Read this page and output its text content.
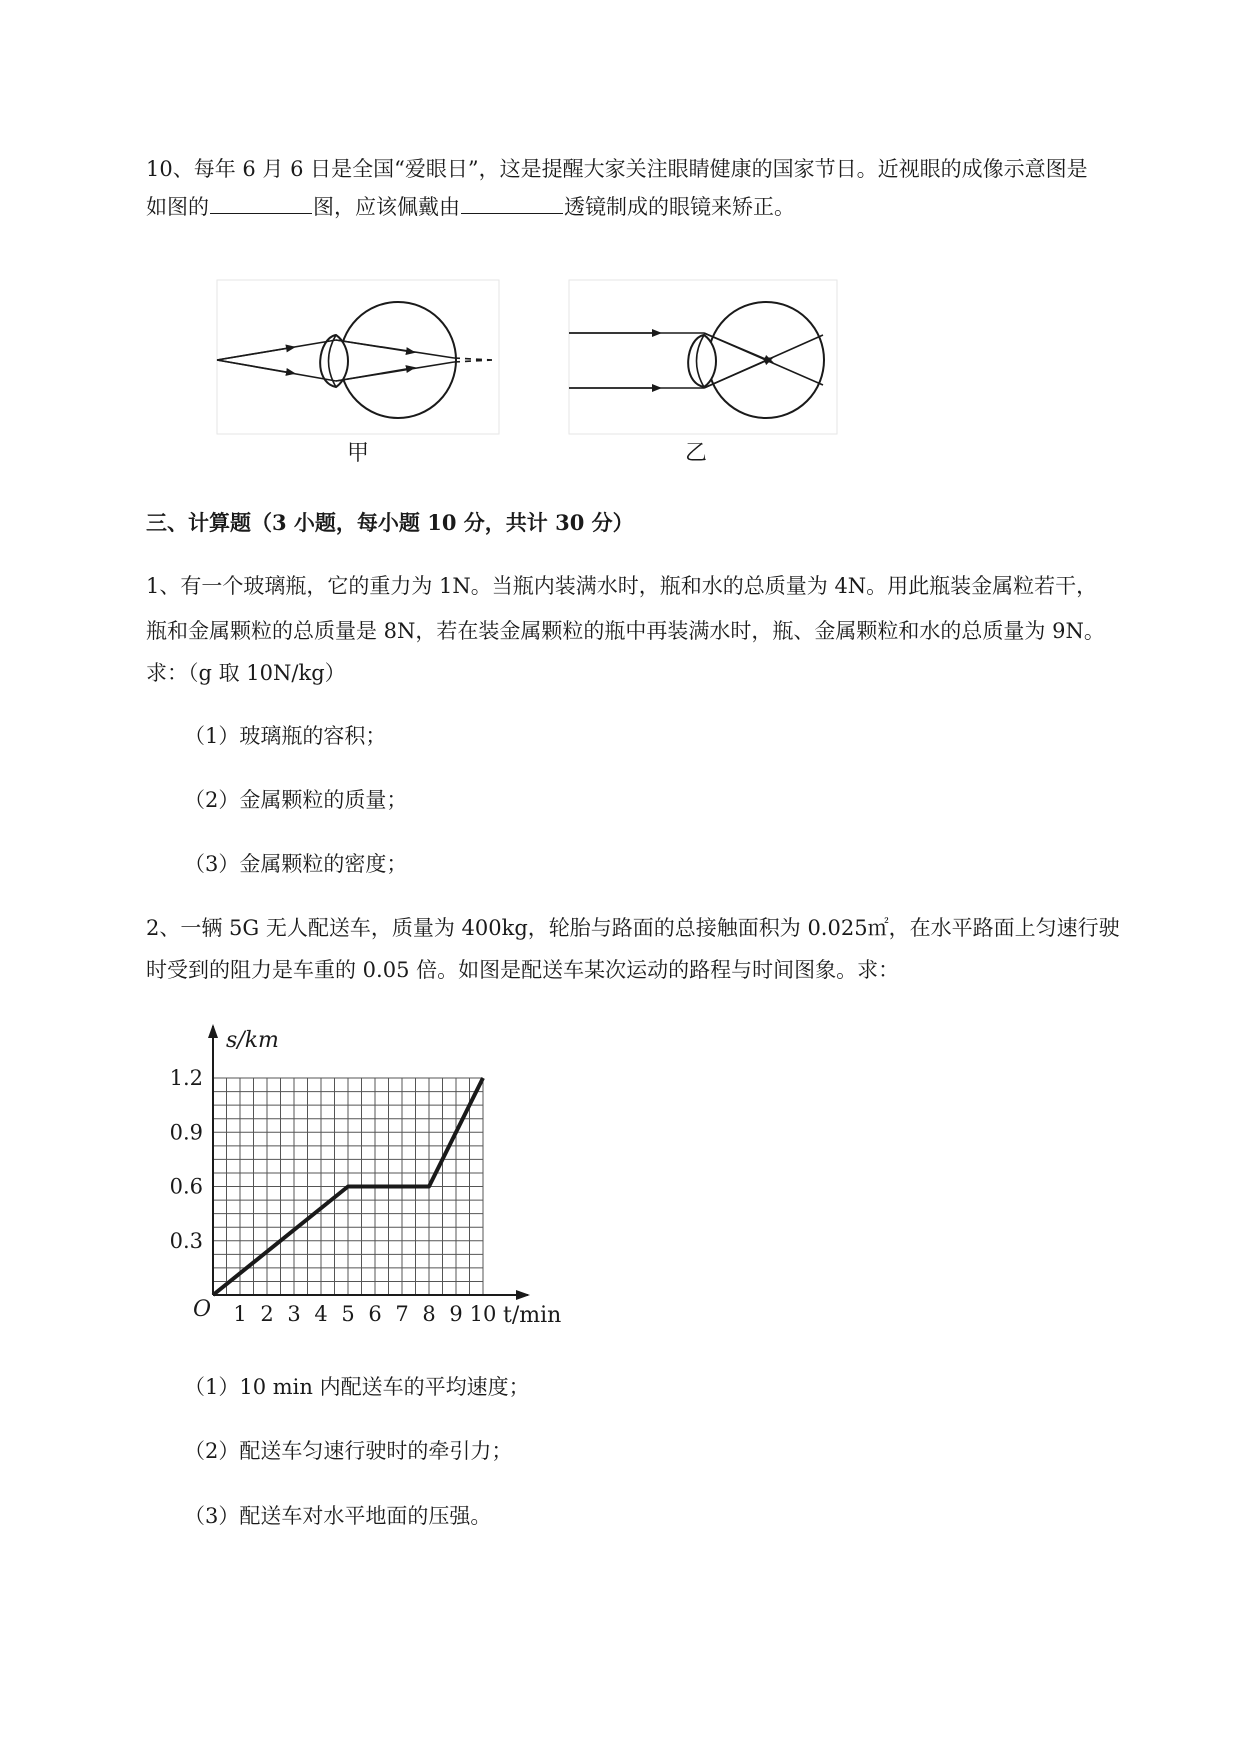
10、每年 6 月 6 日是全国“爱眼日”，这是提醒大家关注眼睛健康的国家节日。近视眼的成像示意图是
如图的	图，应该佩戴由	透镜制成的眼镜来矫正。
甲	乙
三、计算题（3 小题，每小题 10 分，共计 30 分）
1、有一个玻璃瓶，它的重力为 1N。当瓶内装满水时，瓶和水的总质量为 4N。用此瓶装金属粒若干，
瓶和金属颗粒的总质量是 8N，若在装金属颗粒的瓶中再装满水时，瓶、金属颗粒和水的总质量为 9N。
求：（g 取 10N/kg）
（1）玻璃瓶的容积；
（2）金属颗粒的质量；
（3）金属颗粒的密度；
2、一辆 5G 无人配送车，质量为 400kg，轮胎与路面的总接触面积为 0.025㎡，在水平路面上匀速行驶
时受到的阻力是车重的 0.05 倍。如图是配送车某次运动的路程与时间图象。求：
s/km
t/min
O 1 2 3 4 5 6 7 8 9 10
0.3
0.6
0.9
1.2
（1）10 min 内配送车的平均速度；
（2）配送车匀速行驶时的牵引力；
（3）配送车对水平地面的压强。
